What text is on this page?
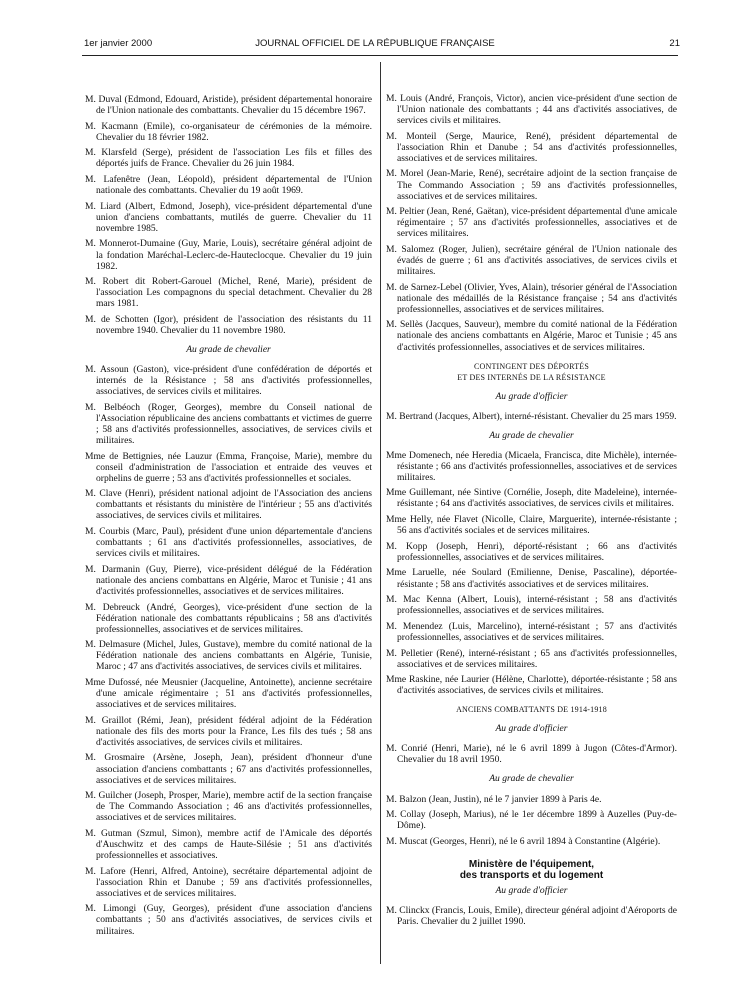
1er janvier 2000	JOURNAL OFFICIEL DE LA RÉPUBLIQUE FRANÇAISE	21
M. Duval (Edmond, Edouard, Aristide), président départemental honoraire de l'Union nationale des combattants. Chevalier du 15 décembre 1967.
M. Kacmann (Emile), co-organisateur de cérémonies de la mémoire. Chevalier du 18 février 1982.
M. Klarsfeld (Serge), président de l'association Les fils et filles des déportés juifs de France. Chevalier du 26 juin 1984.
M. Lafenêtre (Jean, Léopold), président départemental de l'Union nationale des combattants. Chevalier du 19 août 1969.
M. Liard (Albert, Edmond, Joseph), vice-président départemental d'une union d'anciens combattants, mutilés de guerre. Chevalier du 11 novembre 1985.
M. Monnerot-Dumaine (Guy, Marie, Louis), secrétaire général adjoint de la fondation Maréchal-Leclerc-de-Hauteclocque. Chevalier du 19 juin 1982.
M. Robert dit Robert-Garouel (Michel, René, Marie), président de l'association Les compagnons du special detachment. Chevalier du 28 mars 1981.
M. de Schotten (Igor), président de l'association des résistants du 11 novembre 1940. Chevalier du 11 novembre 1980.
Au grade de chevalier
M. Assoun (Gaston), vice-président d'une confédération de déportés et internés de la Résistance ; 58 ans d'activités professionnelles, associatives, de services civils et militaires.
M. Belbéoch (Roger, Georges), membre du Conseil national de l'Association républicaine des anciens combattants et victimes de guerre ; 58 ans d'activités professionnelles, associatives, de services civils et militaires.
Mme de Bettignies, née Lauzur (Emma, Françoise, Marie), membre du conseil d'administration de l'association et entraide des veuves et orphelins de guerre ; 53 ans d'activités professionnelles et sociales.
M. Clave (Henri), président national adjoint de l'Association des anciens combattants et résistants du ministère de l'intérieur ; 55 ans d'activités associatives, de services civils et militaires.
M. Courbis (Marc, Paul), président d'une union départementale d'anciens combattants ; 61 ans d'activités professionnelles, associatives, de services civils et militaires.
M. Darmanin (Guy, Pierre), vice-président délégué de la Fédération nationale des anciens combattans en Algérie, Maroc et Tunisie ; 41 ans d'activités professionnelles, associatives et de services militaires.
M. Debreuck (André, Georges), vice-président d'une section de la Fédération nationale des combattants républicains ; 58 ans d'activités professionnelles, associatives et de services militaires.
M. Delmasure (Michel, Jules, Gustave), membre du comité national de la Fédération nationale des anciens combattants en Algérie, Tunisie, Maroc ; 47 ans d'activités associatives, de services civils et militaires.
Mme Dufossé, née Meusnier (Jacqueline, Antoinette), ancienne secrétaire d'une amicale régimentaire ; 51 ans d'activités professionnelles, associatives et de services militaires.
M. Graillot (Rémi, Jean), président fédéral adjoint de la Fédération nationale des fils des morts pour la France, Les fils des tués ; 58 ans d'activités associatives, de services civils et militaires.
M. Grosmaire (Arsène, Joseph, Jean), président d'honneur d'une association d'anciens combattants ; 67 ans d'activités professionnelles, associatives et de services militaires.
M. Guilcher (Joseph, Prosper, Marie), membre actif de la section française de The Commando Association ; 46 ans d'activités professionnelles, associatives et de services militaires.
M. Gutman (Szmul, Simon), membre actif de l'Amicale des déportés d'Auschwitz et des camps de Haute-Silésie ; 51 ans d'activités professionnelles et associatives.
M. Lafore (Henri, Alfred, Antoine), secrétaire départemental adjoint de l'association Rhin et Danube ; 59 ans d'activités professionnelles, associatives et de services militaires.
M. Limongi (Guy, Georges), président d'une association d'anciens combattants ; 50 ans d'activités associatives, de services civils et militaires.
M. Louis (André, François, Victor), ancien vice-président d'une section de l'Union nationale des combattants ; 44 ans d'activités associatives, de services civils et militaires.
M. Monteil (Serge, Maurice, René), président départemental de l'association Rhin et Danube ; 54 ans d'activités professionnelles, associatives et de services militaires.
M. Morel (Jean-Marie, René), secrétaire adjoint de la section française de The Commando Association ; 59 ans d'activités professionnelles, associatives et de services militaires.
M. Peltier (Jean, René, Gaëtan), vice-président départemental d'une amicale régimentaire ; 57 ans d'activités professionnelles, associatives et de services militaires.
M. Salomez (Roger, Julien), secrétaire général de l'Union nationale des évadés de guerre ; 61 ans d'activités associatives, de services civils et militaires.
M. de Sarnez-Lebel (Olivier, Yves, Alain), trésorier général de l'Association nationale des médaillés de la Résistance française ; 54 ans d'activités professionnelles, associatives et de services militaires.
M. Sellès (Jacques, Sauveur), membre du comité national de la Fédération nationale des anciens combattants en Algérie, Maroc et Tunisie ; 45 ans d'activités professionnelles, associatives et de services militaires.
CONTINGENT DES DÉPORTÉS
ET DES INTERNÉS DE LA RÉSISTANCE
Au grade d'officier
M. Bertrand (Jacques, Albert), interné-résistant. Chevalier du 25 mars 1959.
Au grade de chevalier
Mme Domenech, née Heredia (Micaela, Francisca, dite Michèle), internée-résistante ; 66 ans d'activités professionnelles, associatives et de services militaires.
Mme Guillemant, née Sintive (Cornélie, Joseph, dite Madeleine), internée-résistante ; 64 ans d'activités associatives, de services civils et militaires.
Mme Helly, née Flavet (Nicolle, Claire, Marguerite), internée-résistante ; 56 ans d'activités sociales et de services militaires.
M. Kopp (Joseph, Henri), déporté-résistant ; 66 ans d'activités professionnelles, associatives et de services militaires.
Mme Laruelle, née Soulard (Emilienne, Denise, Pascaline), déportée-résistante ; 58 ans d'activités associatives et de services militaires.
M. Mac Kenna (Albert, Louis), interné-résistant ; 58 ans d'activités professionnelles, associatives et de services militaires.
M. Menendez (Luis, Marcelino), interné-résistant ; 57 ans d'activités professionnelles, associatives et de services militaires.
M. Pelletier (René), interné-résistant ; 65 ans d'activités professionnelles, associatives et de services militaires.
Mme Raskine, née Laurier (Hélène, Charlotte), déportée-résistante ; 58 ans d'activités associatives, de services civils et militaires.
ANCIENS COMBATTANTS DE 1914-1918
Au grade d'officier
M. Conrié (Henri, Marie), né le 6 avril 1899 à Jugon (Côtes-d'Armor). Chevalier du 18 avril 1950.
Au grade de chevalier
M. Balzon (Jean, Justin), né le 7 janvier 1899 à Paris 4e.
M. Collay (Joseph, Marius), né le 1er décembre 1899 à Auzelles (Puy-de-Dôme).
M. Muscat (Georges, Henri), né le 6 avril 1894 à Constantine (Algérie).
Ministère de l'équipement,
des transports et du logement
Au grade d'officier
M. Clinckx (Francis, Louis, Emile), directeur général adjoint d'Aéroports de Paris. Chevalier du 2 juillet 1990.
